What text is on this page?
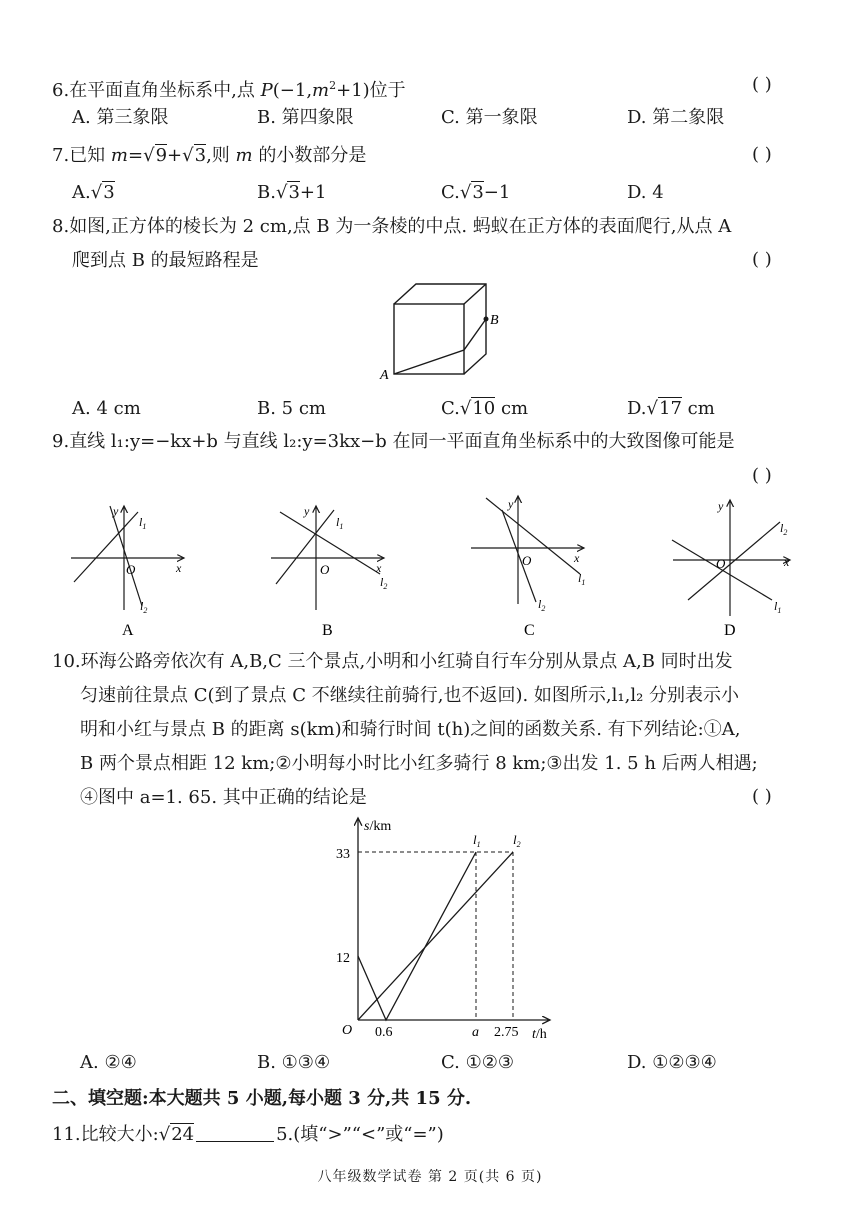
6.在平面直角坐标系中,点 $P(-1,m^2+1)$位于	( )
A. 第三象限	B. 第四象限	C. 第一象限	D. 第二象限
7.已知 m=√9+√3,则 m 的小数部分是	( )
A.√3	B.√3+1	C.√3−1	D. 4
8.如图,正方体的棱长为 2 cm,点 B 为一条棱的中点. 蚂蚁在正方体的表面爬行,从点 A
爬到点 B 的最短路程是	( )
B
A
A. 4 cm	B. 5 cm	C.√10 cm	D.√17 cm
9.直线 l₁:y=−kx+b 与直线 l₂:y=3kx−b 在同一平面直角坐标系中的大致图像可能是
( )
y
x
O
$l_1$
$l_2$
A
y
x
O
$l_1$
$l_2$
B
y
x
O
$l_1$
$l_2$
C
y
x
O
$l_2$
$l_1$
D
10.环海公路旁依次有 A,B,C 三个景点,小明和小红骑自行车分别从景点 A,B 同时出发
匀速前往景点 C(到了景点 C 不继续往前骑行,也不返回). 如图所示,l₁,l₂ 分别表示小
明和小红与景点 B 的距离 s(km)和骑行时间 t(h)之间的函数关系. 有下列结论:①A,
B 两个景点相距 12 km;②小明每小时比小红多骑行 8 km;③出发 1. 5 h 后两人相遇;
④图中 a=1. 65. 其中正确的结论是	( )
s/km
33
12
O 0.6	a 2.75 t/h
$l_1$ $l_2$
A. ②④	B. ①③④	C. ①②③	D. ①②③④
二、填空题:本大题共 5 小题,每小题 3 分,共 15 分.
11.比较大小:√24	5.(填“>”“<”或“=”)
八年级数学试卷 第 2 页(共 6 页)
